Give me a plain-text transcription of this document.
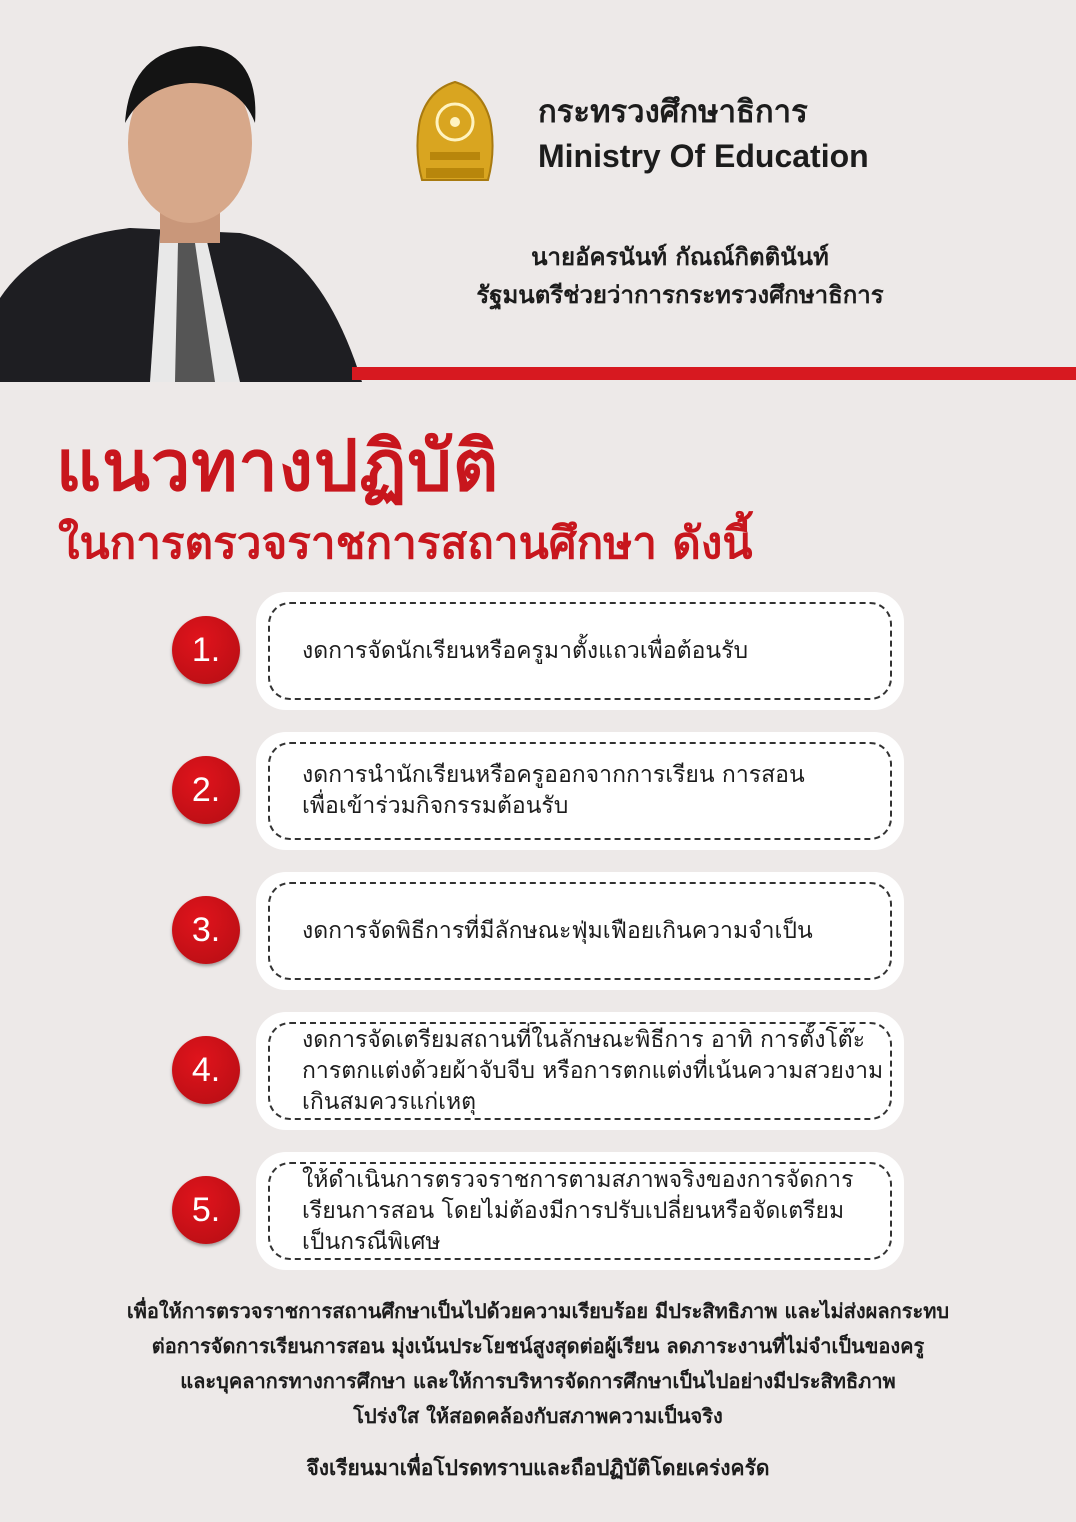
กระทรวงศึกษาธิการ
Ministry Of Education
นายอัครนันท์ กัณณ์กิตตินันท์
รัฐมนตรีช่วยว่าการกระทรวงศึกษาธิการ
แนวทางปฏิบัติ
ในการตรวจราชการสถานศึกษา ดังนี้
1.	งดการจัดนักเรียนหรือครูมาตั้งแถวเพื่อต้อนรับ
2.	งดการนำนักเรียนหรือครูออกจากการเรียน การสอน
เพื่อเข้าร่วมกิจกรรมต้อนรับ
3.	งดการจัดพิธีการที่มีลักษณะฟุ่มเฟือยเกินความจำเป็น
4.
งดการจัดเตรียมสถานที่ในลักษณะพิธีการ อาทิ การตั้งโต๊ะ
การตกแต่งด้วยผ้าจับจีบ หรือการตกแต่งที่เน้นความสวยงาม
เกินสมควรแก่เหตุ
5.
ให้ดำเนินการตรวจราชการตามสภาพจริงของการจัดการ
เรียนการสอน โดยไม่ต้องมีการปรับเปลี่ยนหรือจัดเตรียม
เป็นกรณีพิเศษ
เพื่อให้การตรวจราชการสถานศึกษาเป็นไปด้วยความเรียบร้อย มีประสิทธิภาพ และไม่ส่งผลกระทบ
ต่อการจัดการเรียนการสอน มุ่งเน้นประโยชน์สูงสุดต่อผู้เรียน ลดภาระงานที่ไม่จำเป็นของครู
และบุคลากรทางการศึกษา และให้การบริหารจัดการศึกษาเป็นไปอย่างมีประสิทธิภาพ
โปร่งใส ให้สอดคล้องกับสภาพความเป็นจริง
จึงเรียนมาเพื่อโปรดทราบและถือปฏิบัติโดยเคร่งครัด
